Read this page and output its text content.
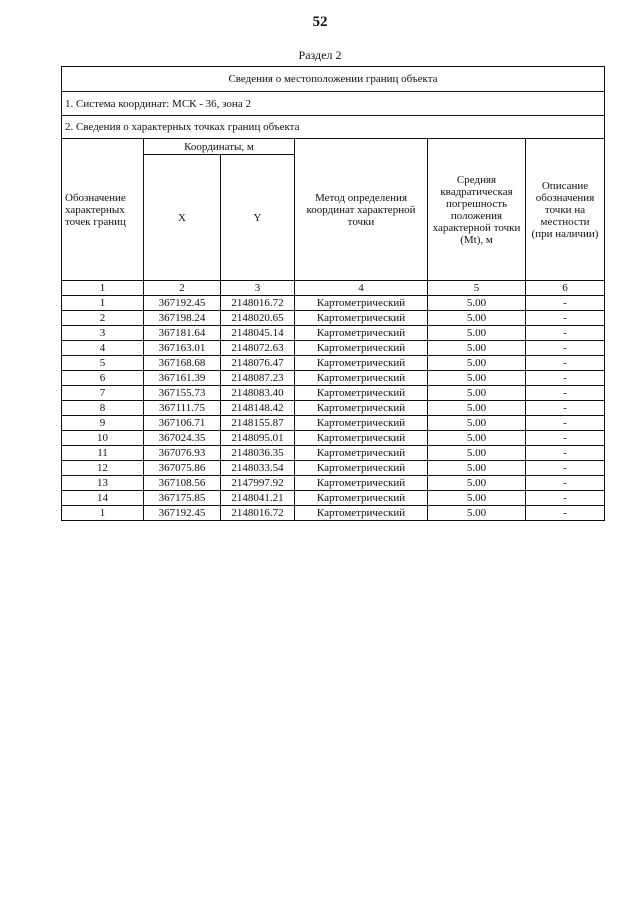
52
Раздел 2
Сведения о местоположении границ объекта					
1. Система координат: МСК - 36, зона 2					
2. Сведения о характерных точках границ объекта					
Обозначение характерных точек границ	Координаты, м		Метод определения координат характерной точки	Средняя квадратическая погрешность положения характерной точки (Mt), м	Описание обозначения точки на местности (при наличии)
	X	Y			
1	2	3	4	5	6
1	367192.45	2148016.72	Картометрический	5.00	-
2	367198.24	2148020.65	Картометрический	5.00	-
3	367181.64	2148045.14	Картометрический	5.00	-
4	367163.01	2148072.63	Картометрический	5.00	-
5	367168.68	2148076.47	Картометрический	5.00	-
6	367161.39	2148087.23	Картометрический	5.00	-
7	367155.73	2148083.40	Картометрический	5.00	-
8	367111.75	2148148.42	Картометрический	5.00	-
9	367106.71	2148155.87	Картометрический	5.00	-
10	367024.35	2148095.01	Картометрический	5.00	-
11	367076.93	2148036.35	Картометрический	5.00	-
12	367075.86	2148033.54	Картометрический	5.00	-
13	367108.56	2147997.92	Картометрический	5.00	-
14	367175.85	2148041.21	Картометрический	5.00	-
1	367192.45	2148016.72	Картометрический	5.00	-
